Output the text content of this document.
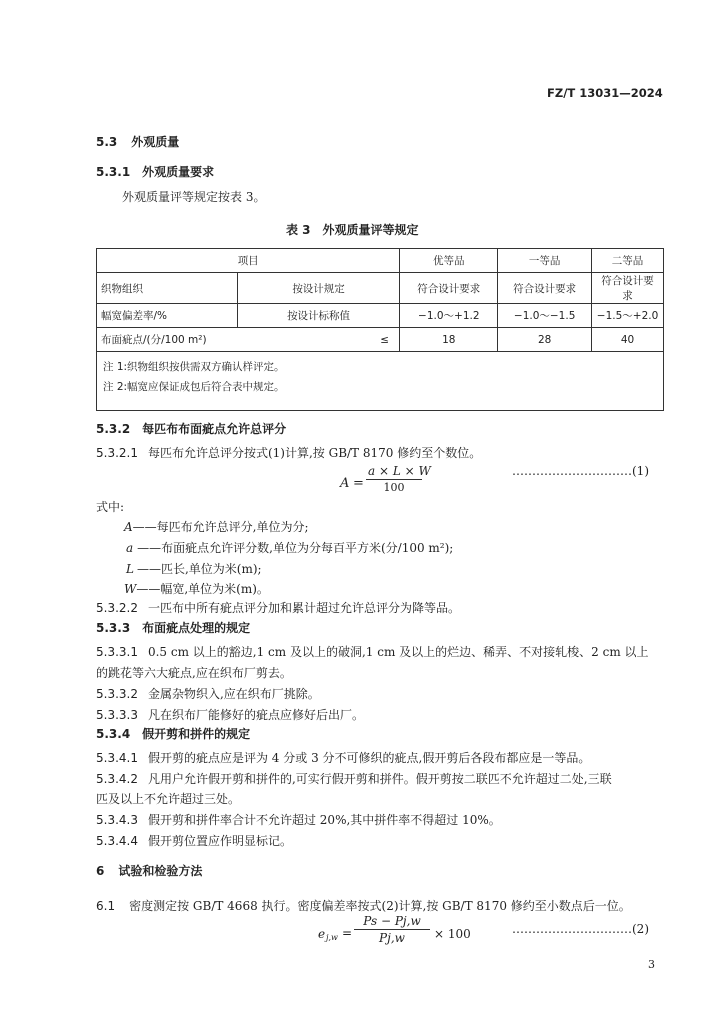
FZ/T 13031—2024
5.3 外观质量
5.3.1 外观质量要求
外观质量评等规定按表 3。
表 3　外观质量评等规定
项目			优等品	一等品	二等品
织物组织	按设计规定		符合设计要求	符合设计要求	符合设计要求
幅宽偏差率/%	按设计标称值		−1.0～+1.2	−1.0～−1.5	−1.5～+2.0
布面疵点/(分/100 m²)		≤	18	28	40

注 1:织物组织按供需双方确认样评定。
注 2:幅宽应保证成包后符合表中规定。					
5.3.2 每匹布布面疵点允许总评分
5.3.2.1 每匹布允许总评分按式(1)计算,按 GB/T 8170 修约至个数位。
$A = \frac{a \times L \times W}{100}$	…………………………(1)
式中:
A——每匹布允许总评分,单位为分;
a ——布面疵点允许评分数,单位为分每百平方米(分/100 m²);
L ——匹长,单位为米(m);
W——幅宽,单位为米(m)。
5.3.2.2 一匹布中所有疵点评分加和累计超过允许总评分为降等品。
5.3.3 布面疵点处理的规定
5.3.3.1 0.5 cm 以上的豁边,1 cm 及以上的破洞,1 cm 及以上的烂边、稀弄、不对接轧梭、2 cm 以上
的跳花等六大疵点,应在织布厂剪去。
5.3.3.2 金属杂物织入,应在织布厂挑除。
5.3.3.3 凡在织布厂能修好的疵点应修好后出厂。
5.3.4 假开剪和拼件的规定
5.3.4.1 假开剪的疵点应是评为 4 分或 3 分不可修织的疵点,假开剪后各段布都应是一等品。
5.3.4.2 凡用户允许假开剪和拼件的,可实行假开剪和拼件。假开剪按二联匹不允许超过二处,三联
匹及以上不允许超过三处。
5.3.4.3 假开剪和拼件率合计不允许超过 20%,其中拼件率不得超过 10%。
5.3.4.4 假开剪位置应作明显标记。
6 试验和检验方法
6.1 密度测定按 GB/T 4668 执行。密度偏差率按式(2)计算,按 GB/T 8170 修约至小数点后一位。
e $j,w = \frac{Ps - Pj,w}{Pj,w} \times 100$	…………………………(2)
3
